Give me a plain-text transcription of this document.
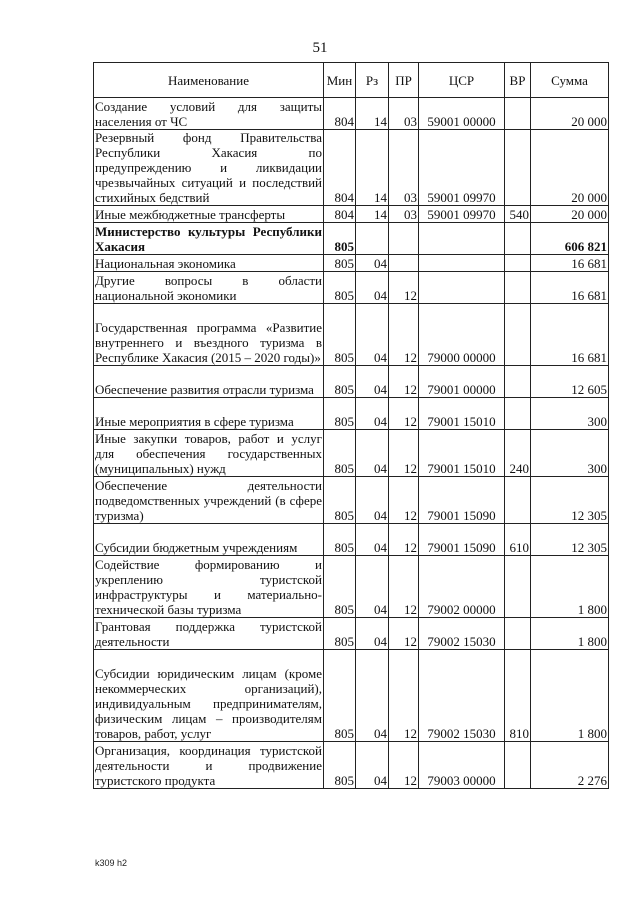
51
Наименование	Мин	Рз	ПР	ЦСР	ВР	Сумма
Создание условий для защиты населения от ЧС	804	14	03	59001 00000		20 000
Резервный фонд Правительства Республики Хакасия по предупреждению и ликвидации чрезвычайных ситуаций и последствий стихийных бедствий	804	14	03	59001 09970		20 000
Иные межбюджетные трансферты	804	14	03	59001 09970	540	20 000
Министерство культуры Республики Хакасия	805					606 821
Национальная экономика	805	04				16 681
Другие вопросы в области национальной экономики	805	04	12			16 681
Государственная программа «Развитие внутреннего и въездного туризма в Республике Хакасия (2015 – 2020 годы)»	805	04	12	79000 00000		16 681
Обеспечение развития отрасли туризма	805	04	12	79001 00000		12 605
Иные мероприятия в сфере туризма	805	04	12	79001 15010		300
Иные закупки товаров, работ и услуг для обеспечения государственных (муниципальных) нужд	805	04	12	79001 15010	240	300
Обеспечение деятельности подведомственных учреждений (в сфере туризма)	805	04	12	79001 15090		12 305
Субсидии бюджетным учреждениям	805	04	12	79001 15090	610	12 305
Содействие формированию и укреплению туристской инфраструктуры и материально-технической базы туризма	805	04	12	79002 00000		1 800
Грантовая поддержка туристской деятельности	805	04	12	79002 15030		1 800
Субсидии юридическим лицам (кроме некоммерческих организаций), индивидуальным предпринимателям, физическим лицам – производителям товаров, работ, услуг	805	04	12	79002 15030	810	1 800
Организация, координация туристской деятельности и продвижение туристского продукта	805	04	12	79003 00000		2 276
k309 h2
